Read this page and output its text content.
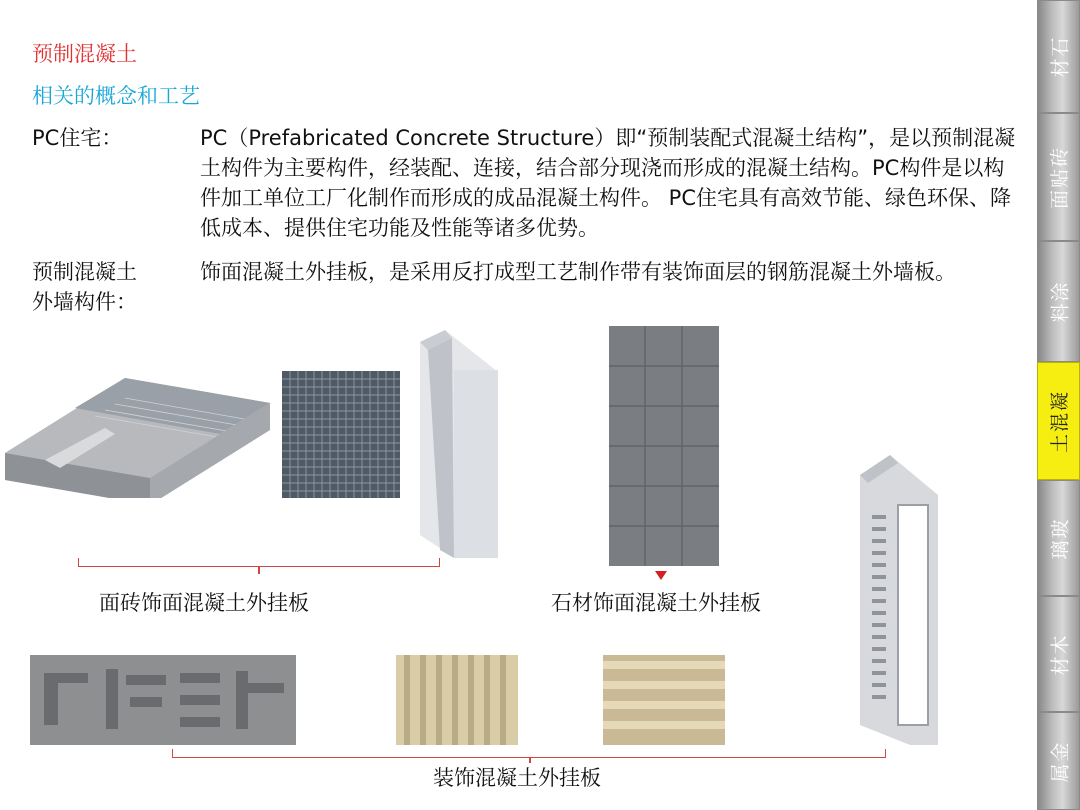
预制混凝土
相关的概念和工艺
PC住宅：	PC（Prefabricated Concrete Structure）即“预制装配式混凝土结构”，是以预制混凝土构件为主要构件，经装配、连接，结合部分现浇而形成的混凝土结构。PC构件是以构件加工单位工厂化制作而形成的成品混凝土构件。 PC住宅具有高效节能、绿色环保、降低成本、提供住宅功能及性能等诸多优势。
预制混凝土
外墙构件：
饰面混凝土外挂板，是采用反打成型工艺制作带有装饰面层的钢筋混凝土外墙板。
面砖饰面混凝土外挂板	石材饰面混凝土外挂板
装饰混凝土外挂板
材石
面贴砖
料涂
土混凝
璃玻
材木
属金
